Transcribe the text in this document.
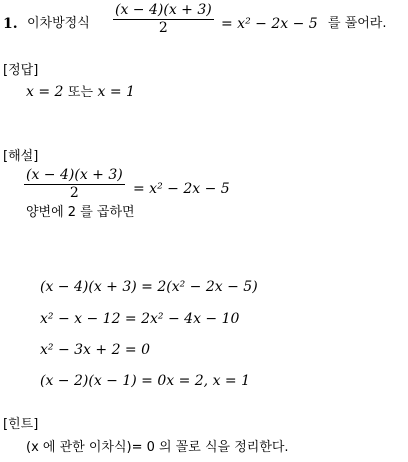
1. 이차방정식 $\frac{(x - 4)(x + 3)}{2} = x^2 - 2x - 5$ 를 풀어라.
[정답]
x = 2 또는 x = 1
[해설]
$\frac{(x - 4)(x + 3)}{2} = x^2 - 2x - 5$
양변에 2 를 곱하면
(x − 4)(x + 3) = 2(x² − 2x − 5)
x² − x − 12 = 2x² − 4x − 10
x² − 3x + 2 = 0
(x − 2)(x − 1) = 0x = 2, x = 1
[힌트]
(x 에 관한 이차식)= 0 의 꼴로 식을 정리한다.
